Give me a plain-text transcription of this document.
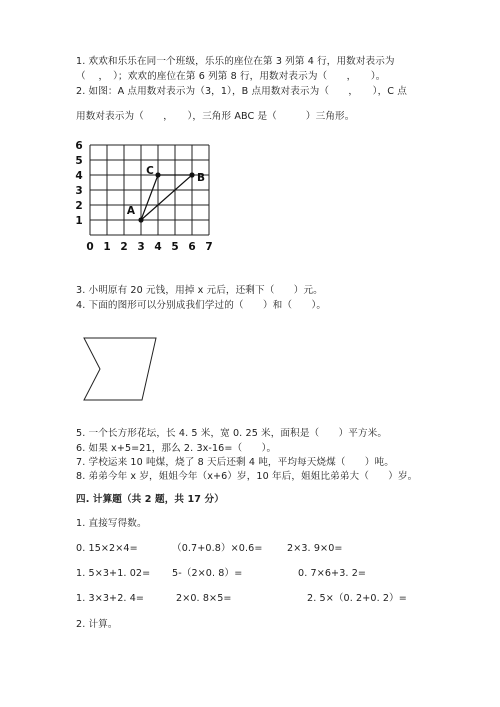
1. 欢欢和乐乐在同一个班级，乐乐的座位在第 3 列第 4 行，用数对表示为
（　 ，　）；欢欢的座位在第 6 列第 8 行，用数对表示为（　　，　　）。
2. 如图：A 点用数对表示为（3，1），B 点用数对表示为（　　，　　），C 点
用数对表示为（　　，　　），三角形 ABC 是（　　　）三角形。
0 1 2 3 4 5 6 7
1
2
3
4
5
6
A
B
C
3. 小明原有 20 元钱，用掉 x 元后，还剩下（　　）元。
4. 下面的图形可以分别成我们学过的（　　）和（　　）。
5. 一个长方形花坛，长 4. 5 米，宽 0. 25 米，面积是（　　）平方米。
6. 如果 x+5=21，那么 2. 3x-16=（　　）。
7. 学校运来 10 吨煤，烧了 8 天后还剩 4 吨，平均每天烧煤（　　）吨。
8. 弟弟今年 x 岁，姐姐今年（x+6）岁，10 年后，姐姐比弟弟大（　　）岁。
四. 计算题（共 2 题，共 17 分）
1. 直接写得数。
0. 15×2×4=	（0.7+0.8）×0.6=	2×3. 9×0=
1. 5×3+1. 02= 5-（2×0. 8）=	0. 7×6+3. 2=
1. 3×3+2. 4=	2×0. 8×5=	2. 5×（0. 2+0. 2）=
2. 计算。
